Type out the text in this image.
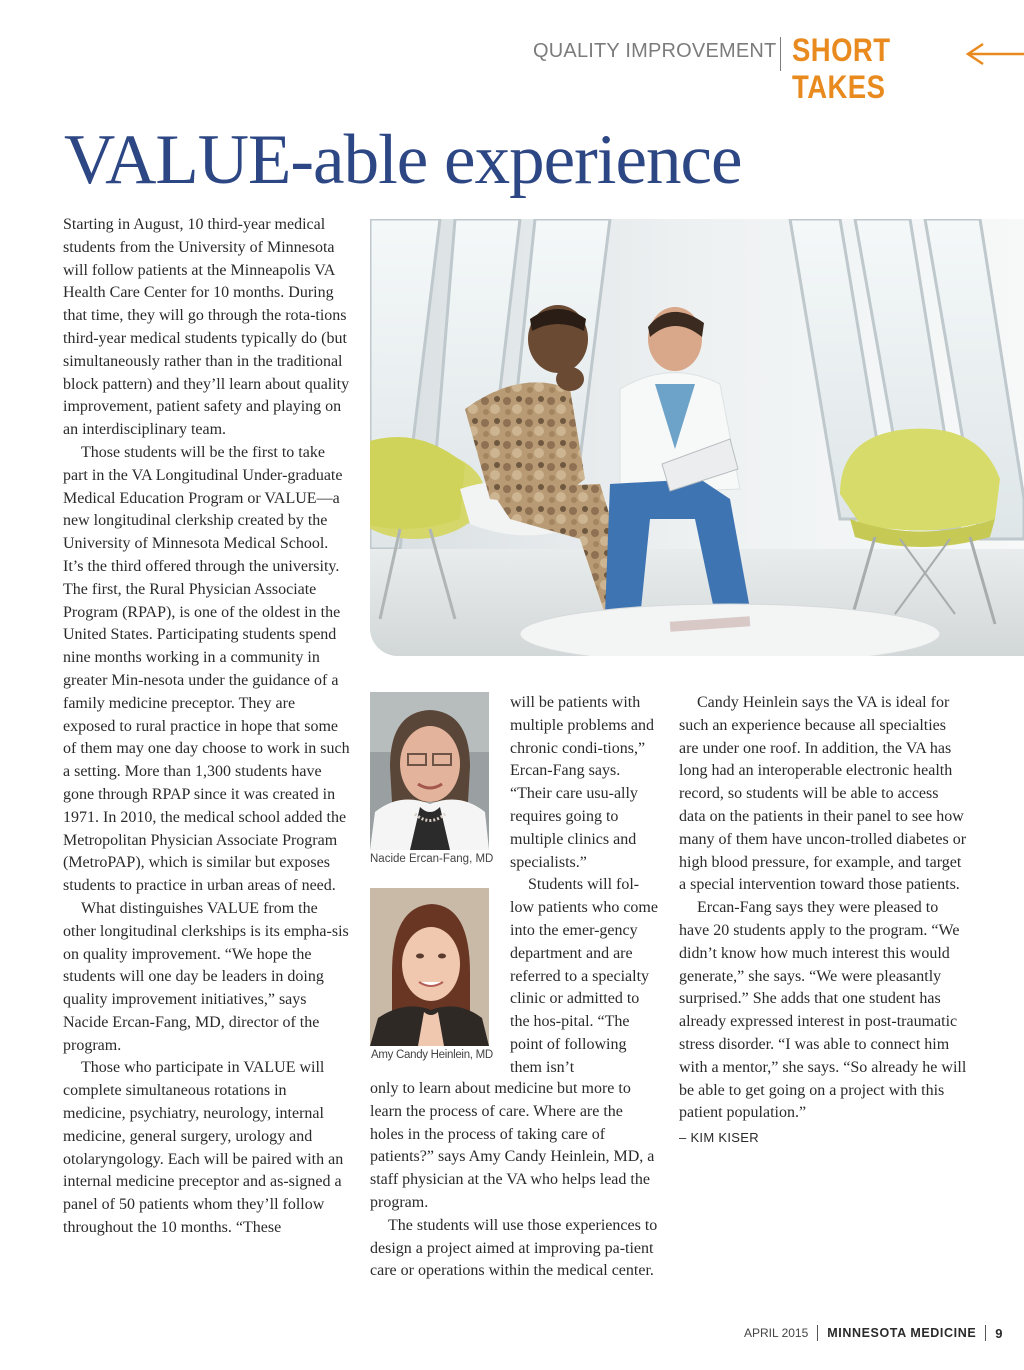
QUALITY IMPROVEMENT SHORT TAKES
VALUE-able experience

Starting in August, 10 third-year medical students from the University of Minnesota will follow patients at the Minneapolis VA Health Care Center for 10 months. During that time, they will go through the rota-tions third-year medical students typically do (but simultaneously rather than in the traditional block pattern) and they’ll learn about quality improvement, patient safety and playing on an interdisciplinary team.

Those students will be the first to take part in the VA Longitudinal Under-graduate Medical Education Program or VALUE—a new longitudinal clerkship created by the University of Minnesota Medical School. It’s the third offered through the university. The first, the Rural Physician Associate Program (RPAP), is one of the oldest in the United States. Participating students spend nine months working in a community in greater Min-nesota under the guidance of a family medicine preceptor. They are exposed to rural practice in hope that some of them may one day choose to work in such a setting. More than 1,300 students have gone through RPAP since it was created in 1971. In 2010, the medical school added the Metropolitan Physician Associate Program (MetroPAP), which is similar but exposes students to practice in urban areas of need.

What distinguishes VALUE from the other longitudinal clerkships is its empha-sis on quality improvement. “We hope the students will one day be leaders in doing quality improvement initiatives,” says Nacide Ercan-Fang, MD, director of the program.

Those who participate in VALUE will complete simultaneous rotations in medicine, psychiatry, neurology, internal medicine, general surgery, urology and otolaryngology. Each will be paired with an internal medicine preceptor and as-signed a panel of 50 patients whom they’ll follow throughout the 10 months. “These

Nacide Ercan-Fang, MD
Amy Candy Heinlein, MD

will be patients with multiple problems and chronic condi-tions,” Ercan-Fang says. “Their care usu-ally requires going to multiple clinics and specialists.”

Students will fol-low patients who come into the emer-gency department and are referred to a specialty clinic or admitted to the hos-pital. “The point of following them isn’t

only to learn about medicine but more to learn the process of care. Where are the holes in the process of taking care of patients?” says Amy Candy Heinlein, MD, a staff physician at the VA who helps lead the program.

The students will use those experiences to design a project aimed at improving pa-tient care or operations within the medical center.

Candy Heinlein says the VA is ideal for such an experience because all specialties are under one roof. In addition, the VA has long had an interoperable electronic health record, so students will be able to access data on the patients in their panel to see how many of them have uncon-trolled diabetes or high blood pressure, for example, and target a special intervention toward those patients.

Ercan-Fang says they were pleased to have 20 students apply to the program. “We didn’t know how much interest this would generate,” she says. “We were pleasantly surprised.” She adds that one student has already expressed interest in post-traumatic stress disorder. “I was able to connect him with a mentor,” she says. “So already he will be able to get going on a project with this patient population.”

– KIM KISER
APRIL 2015 MINNESOTA MEDICINE 9
